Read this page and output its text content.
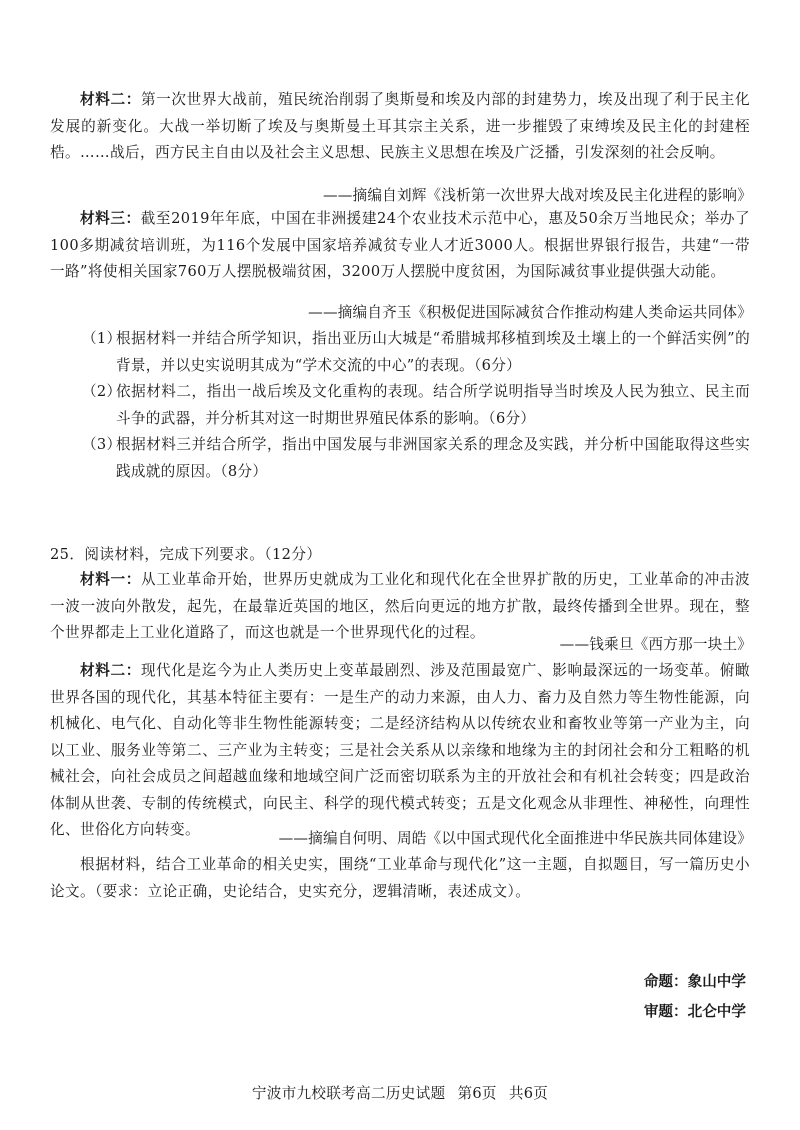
材料二：第一次世界大战前，殖民统治削弱了奥斯曼和埃及内部的封建势力，埃及出现了利于民主化发展的新变化。大战一举切断了埃及与奥斯曼土耳其宗主关系，进一步摧毁了束缚埃及民主化的封建桎梏。……战后，西方民主自由以及社会主义思想、民族主义思想在埃及广泛播，引发深刻的社会反响。
——摘编自刘辉《浅析第一次世界大战对埃及民主化进程的影响》
材料三：截至2019年年底，中国在非洲援建24个农业技术示范中心，惠及50余万当地民众；举办了100多期减贫培训班，为116个发展中国家培养减贫专业人才近3000人。根据世界银行报告，共建“一带一路”将使相关国家760万人摆脱极端贫困，3200万人摆脱中度贫困，为国际减贫事业提供强大动能。
——摘编自齐玉《积极促进国际减贫合作推动构建人类命运共同体》
（1）
根据材料一并结合所学知识，指出亚历山大城是“希腊城邦移植到埃及土壤上的一个鲜活实例”的背景，并以史实说明其成为“学术交流的中心”的表现。（6分）
（2）
依据材料二，指出一战后埃及文化重构的表现。结合所学说明指导当时埃及人民为独立、民主而斗争的武器，并分析其对这一时期世界殖民体系的影响。（6分）
（3）
根据材料三并结合所学，指出中国发展与非洲国家关系的理念及实践，并分析中国能取得这些实践成就的原因。（8分）
25．阅读材料，完成下列要求。（12分）
材料一：从工业革命开始，世界历史就成为工业化和现代化在全世界扩散的历史，工业革命的冲击波一波一波向外散发，起先，在最靠近英国的地区，然后向更远的地方扩散，最终传播到全世界。现在，整个世界都走上工业化道路了，而这也就是一个世界现代化的过程。
——钱乘旦《西方那一块土》
材料二：现代化是迄今为止人类历史上变革最剧烈、涉及范围最宽广、影响最深远的一场变革。俯瞰世界各国的现代化，其基本特征主要有：一是生产的动力来源，由人力、畜力及自然力等生物性能源，向机械化、电气化、自动化等非生物性能源转变；二是经济结构从以传统农业和畜牧业等第一产业为主，向以工业、服务业等第二、三产业为主转变；三是社会关系从以亲缘和地缘为主的封闭社会和分工粗略的机械社会，向社会成员之间超越血缘和地域空间广泛而密切联系为主的开放社会和有机社会转变；四是政治体制从世袭、专制的传统模式，向民主、科学的现代模式转变；五是文化观念从非理性、神秘性，向理性化、世俗化方向转变。
——摘编自何明、周皓《以中国式现代化全面推进中华民族共同体建设》
根据材料，结合工业革命的相关史实，围绕“工业革命与现代化”这一主题，自拟题目，写一篇历史小论文。（要求：立论正确，史论结合，史实充分，逻辑清晰，表述成文）。
命题：象山中学
审题：北仑中学
宁波市九校联考高二历史试题 第6页 共6页
